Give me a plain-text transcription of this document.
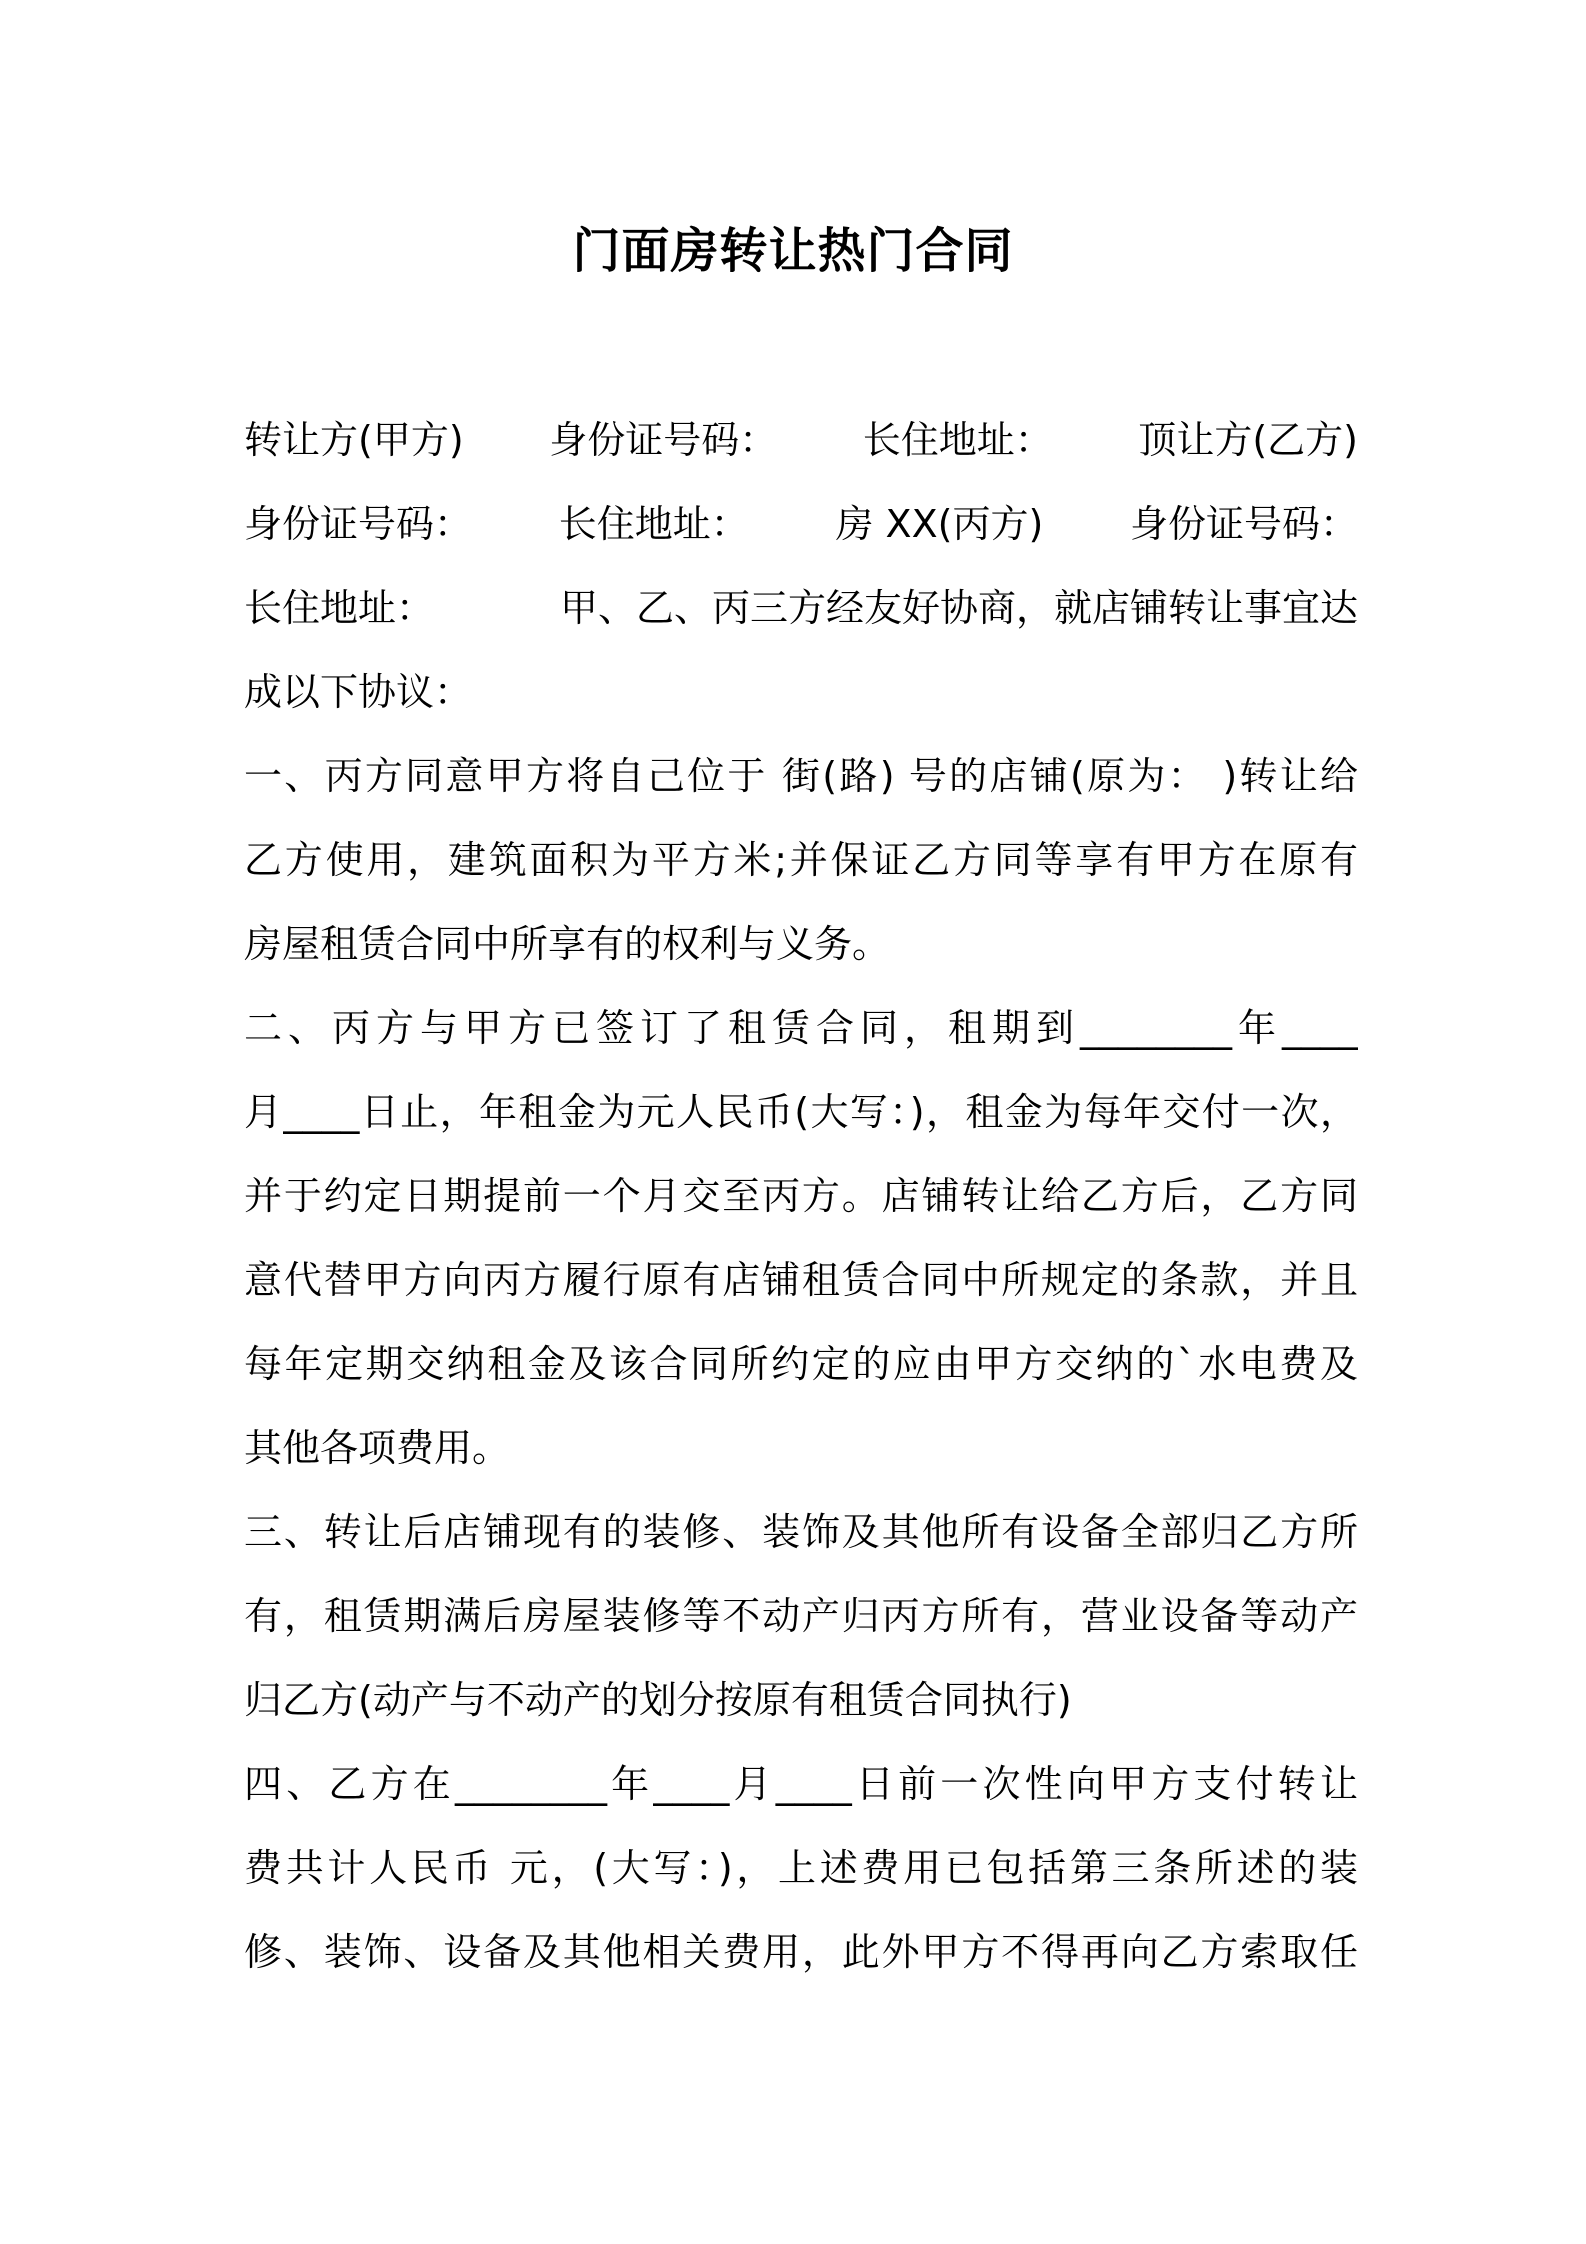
门面房转让热门合同
转让方(甲方) 身份证号码： 长住地址： 顶让方(乙方)
身份证号码： 长住地址： 房 XX(丙方) 身份证号码：
长住地址：	甲、乙、丙三方经友好协商，就店铺转让事宜达
成以下协议：
一、丙方同意甲方将自己位于 街(路) 号的店铺(原为： )转让给
乙方使用，建筑面积为平方米;并保证乙方同等享有甲方在原有
房屋租赁合同中所享有的权利与义务。
二、丙方与甲方已签订了租赁合同，租期到________年____
月____日止，年租金为元人民币(大写：)，租金为每年交付一次，
并于约定日期提前一个月交至丙方。店铺转让给乙方后，乙方同
意代替甲方向丙方履行原有店铺租赁合同中所规定的条款，并且
每年定期交纳租金及该合同所约定的应由甲方交纳的`水电费及
其他各项费用。
三、转让后店铺现有的装修、装饰及其他所有设备全部归乙方所
有，租赁期满后房屋装修等不动产归丙方所有，营业设备等动产
归乙方(动产与不动产的划分按原有租赁合同执行)
四、乙方在________年____月____日前一次性向甲方支付转让
费共计人民币 元，(大写：)，上述费用已包括第三条所述的装
修、装饰、设备及其他相关费用，此外甲方不得再向乙方索取任
